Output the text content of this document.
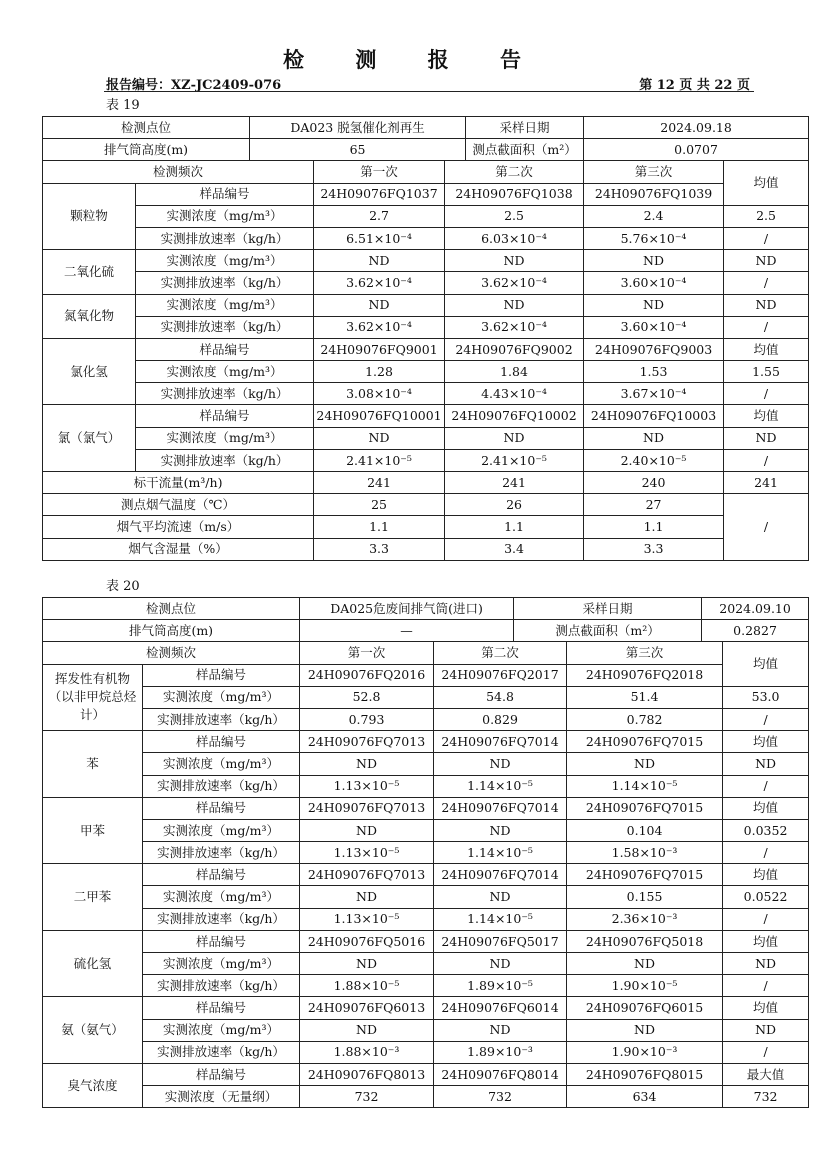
检 测 报 告
报告编号：XZ-JC2409-076	第 12 页 共 22 页
表 19
检测点位		DA023 脱氢催化剂再生			采样日期	2024.09.18	
排气筒高度(m)		65			测点截面积（m²）	0.0707	
检测频次			第一次	第二次		第三次	均值
颗粒物	样品编号		24H09076FQ1037	24H09076FQ1038		24H09076FQ1039	
	实测浓度（mg/m³）		2.7	2.5		2.4	2.5
	实测排放速率（kg/h）		6.51×10⁻⁴	6.03×10⁻⁴		5.76×10⁻⁴	/
二氧化硫	实测浓度（mg/m³）		ND	ND		ND	ND
	实测排放速率（kg/h）		3.62×10⁻⁴	3.62×10⁻⁴		3.60×10⁻⁴	/
氮氧化物	实测浓度（mg/m³）		ND	ND		ND	ND
	实测排放速率（kg/h）		3.62×10⁻⁴	3.62×10⁻⁴		3.60×10⁻⁴	/
氯化氢	样品编号		24H09076FQ9001	24H09076FQ9002		24H09076FQ9003	均值
	实测浓度（mg/m³）		1.28	1.84		1.53	1.55
	实测排放速率（kg/h）		3.08×10⁻⁴	4.43×10⁻⁴		3.67×10⁻⁴	/
氯（氯气）	样品编号		24H09076FQ10001	24H09076FQ10002		24H09076FQ10003	均值
	实测浓度（mg/m³）		ND	ND		ND	ND
	实测排放速率（kg/h）		2.41×10⁻⁵	2.41×10⁻⁵		2.40×10⁻⁵	/
标干流量(m³/h)			241	241		240	241
测点烟气温度（℃）			25	26		27	/
烟气平均流速（m/s）			1.1	1.1		1.1	
烟气含湿量（%）			3.3	3.4		3.3	
表 20
检测点位		DA025危废间排气筒(进口)		采样日期		2024.09.10	
排气筒高度(m)		—		测点截面积（m²）		0.2827	
检测频次		第一次	第二次		第三次		均值
挥发性有机物（以非甲烷总烃计）	样品编号	24H09076FQ2016	24H09076FQ2017		24H09076FQ2018		
	实测浓度（mg/m³）	52.8	54.8		51.4		53.0
	实测排放速率（kg/h）	0.793	0.829		0.782		/
苯	样品编号	24H09076FQ7013	24H09076FQ7014		24H09076FQ7015		均值
	实测浓度（mg/m³）	ND	ND		ND		ND
	实测排放速率（kg/h）	1.13×10⁻⁵	1.14×10⁻⁵		1.14×10⁻⁵		/
甲苯	样品编号	24H09076FQ7013	24H09076FQ7014		24H09076FQ7015		均值
	实测浓度（mg/m³）	ND	ND		0.104		0.0352
	实测排放速率（kg/h）	1.13×10⁻⁵	1.14×10⁻⁵		1.58×10⁻³		/
二甲苯	样品编号	24H09076FQ7013	24H09076FQ7014		24H09076FQ7015		均值
	实测浓度（mg/m³）	ND	ND		0.155		0.0522
	实测排放速率（kg/h）	1.13×10⁻⁵	1.14×10⁻⁵		2.36×10⁻³		/
硫化氢	样品编号	24H09076FQ5016	24H09076FQ5017		24H09076FQ5018		均值
	实测浓度（mg/m³）	ND	ND		ND		ND
	实测排放速率（kg/h）	1.88×10⁻⁵	1.89×10⁻⁵		1.90×10⁻⁵		/
氨（氨气）	样品编号	24H09076FQ6013	24H09076FQ6014		24H09076FQ6015		均值
	实测浓度（mg/m³）	ND	ND		ND		ND
	实测排放速率（kg/h）	1.88×10⁻³	1.89×10⁻³		1.90×10⁻³		/
臭气浓度	样品编号	24H09076FQ8013	24H09076FQ8014		24H09076FQ8015		最大值
	实测浓度（无量纲）	732	732		634		732
